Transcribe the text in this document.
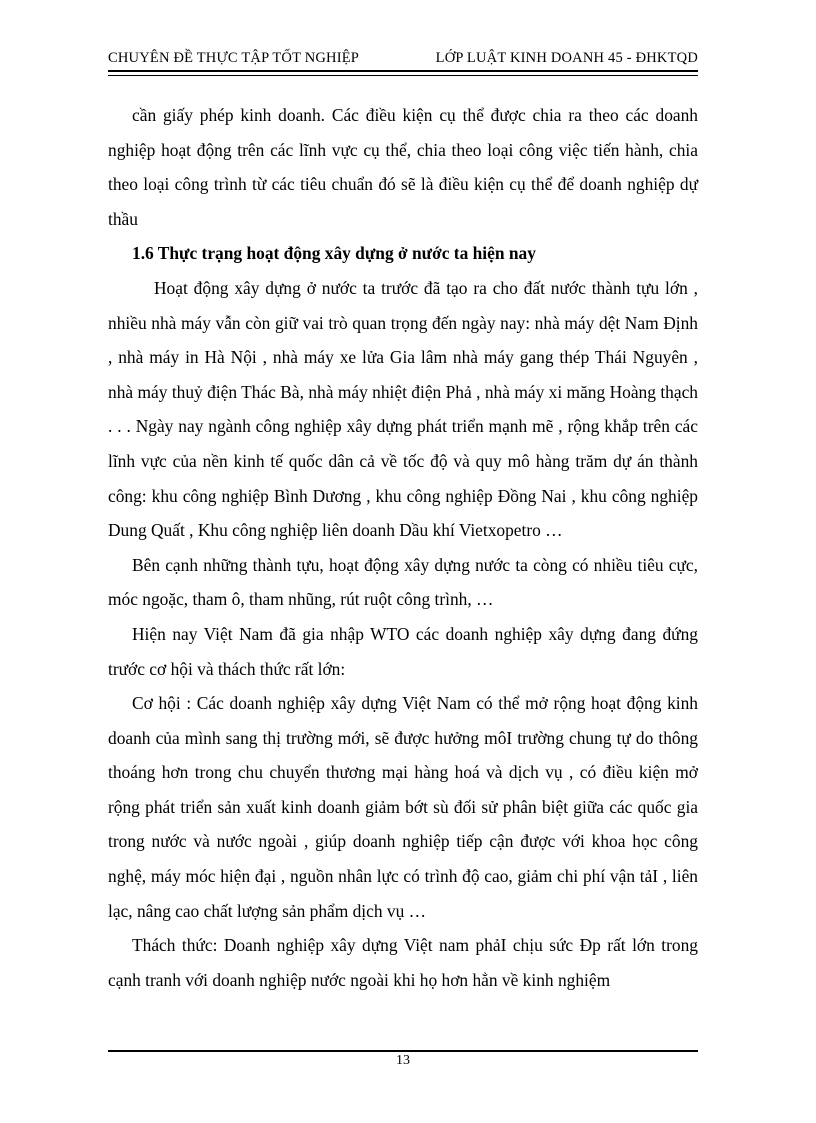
CHUYÊN ĐỀ THỰC TẬP TỐT NGHIỆP	LỚP LUẬT KINH DOANH 45 - ĐHKTQD

cần giấy phép kinh doanh. Các điều kiện cụ thể được chia ra theo các doanh nghiệp hoạt động trên các lĩnh vực cụ thể, chia theo loại công việc tiến hành, chia theo loại công trình từ các tiêu chuẩn đó sẽ là điều kiện cụ thể để doanh nghiệp dự thầu

1.6 Thực trạng hoạt động xây dựng ở nước ta hiện nay

Hoạt động xây dựng ở nước ta trước đã tạo ra cho đất nước thành tựu lớn , nhiều nhà máy vẫn còn giữ vai trò quan trọng đến ngày nay: nhà máy dệt Nam Định , nhà máy in Hà Nội , nhà máy xe lửa Gia lâm nhà máy gang thép Thái Nguyên , nhà máy thuỷ điện Thác Bà, nhà máy nhiệt điện Phả , nhà máy xi măng Hoàng thạch . . . Ngày nay ngành công nghiệp xây dựng phát triển mạnh mẽ , rộng khắp trên các lĩnh vực của nền kinh tế quốc dân cả về tốc độ và quy mô hàng trăm dự án thành công: khu công nghiệp Bình Dương , khu công nghiệp Đồng Nai , khu công nghiệp Dung Quất , Khu công nghiệp liên doanh Dầu khí Vietxopetro …

Bên cạnh những thành tựu, hoạt động xây dựng nước ta còng có nhiều tiêu cực, móc ngoặc, tham ô, tham nhũng, rút ruột công trình, …

Hiện nay Việt Nam đã gia nhập WTO các doanh nghiệp xây dựng đang đứng trước cơ hội và thách thức rất lớn:

Cơ hội : Các doanh nghiệp xây dựng Việt Nam có thể mở rộng hoạt động kinh doanh của mình sang thị trường mới, sẽ được hưởng môI trường chung tự do thông thoáng hơn trong chu chuyển thương mại hàng hoá và dịch vụ , có điều kiện mở rộng phát triển sản xuất kinh doanh giảm bớt sù đối sử phân biệt giữa các quốc gia trong nước và nước ngoài , giúp doanh nghiệp tiếp cận được với khoa học công nghệ, máy móc hiện đại , nguồn nhân lực có trình độ cao, giảm chi phí vận tảI , liên lạc, nâng cao chất lượng sản phẩm dịch vụ …

Thách thức: Doanh nghiệp xây dựng Việt nam phảI chịu sức Ðp rất lớn trong cạnh tranh với doanh nghiệp nước ngoài khi họ hơn hẳn về kinh nghiệm

13
